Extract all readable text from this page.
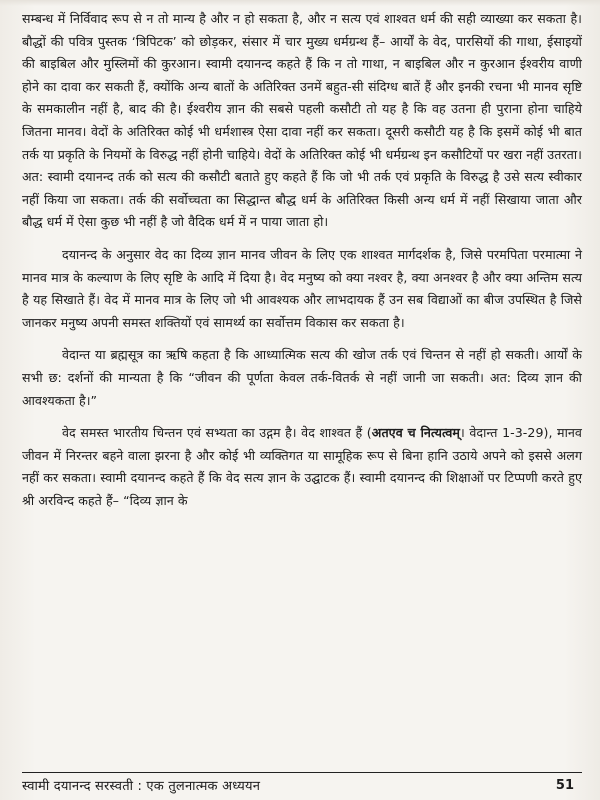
सम्बन्ध में निर्विवाद रूप से न तो मान्य है और न हो सकता है, और न सत्य एवं शाश्वत धर्म की सही व्याख्या कर सकता है। बौद्धों की पवित्र पुस्तक ‘त्रिपिटक’ को छोड़कर, संसार में चार मुख्य धर्मग्रन्थ हैं– आर्यों के वेद, पारसियों की गाथा, ईसाइयों की बाइबिल और मुस्लिमों की कुरआन। स्वामी दयानन्द कहते हैं कि न तो गाथा, न बाइबिल और न कुरआन ईश्वरीय वाणी होने का दावा कर सकती हैं, क्योंकि अन्य बातों के अतिरिक्त उनमें बहुत-सी संदिग्ध बातें हैं और इनकी रचना भी मानव सृष्टि के समकालीन नहीं है, बाद की है। ईश्वरीय ज्ञान की सबसे पहली कसौटी तो यह है कि वह उतना ही पुराना होना चाहिये जितना मानव। वेदों के अतिरिक्त कोई भी धर्मशास्त्र ऐसा दावा नहीं कर सकता। दूसरी कसौटी यह है कि इसमें कोई भी बात तर्क या प्रकृति के नियमों के विरुद्ध नहीं होनी चाहिये। वेदों के अतिरिक्त कोई भी धर्मग्रन्थ इन कसौटियों पर खरा नहीं उतरता। अत: स्वामी दयानन्द तर्क को सत्य की कसौटी बताते हुए कहते हैं कि जो भी तर्क एवं प्रकृति के विरुद्ध है उसे सत्य स्वीकार नहीं किया जा सकता। तर्क की सर्वोच्चता का सिद्धान्त बौद्ध धर्म के अतिरिक्त किसी अन्य धर्म में नहीं सिखाया जाता और बौद्ध धर्म में ऐसा कुछ भी नहीं है जो वैदिक धर्म में न पाया जाता हो।

दयानन्द के अनुसार वेद का दिव्य ज्ञान मानव जीवन के लिए एक शाश्वत मार्गदर्शक है, जिसे परमपिता परमात्मा ने मानव मात्र के कल्याण के लिए सृष्टि के आदि में दिया है। वेद मनुष्य को क्या नश्वर है, क्या अनश्वर है और क्या अन्तिम सत्य है यह सिखाते हैं। वेद में मानव मात्र के लिए जो भी आवश्यक और लाभदायक हैं उन सब विद्याओं का बीज उपस्थित है जिसे जानकर मनुष्य अपनी समस्त शक्तियों एवं सामर्थ्य का सर्वोत्तम विकास कर सकता है।

वेदान्त या ब्रह्मसूत्र का ऋषि कहता है कि आध्यात्मिक सत्य की खोज तर्क एवं चिन्तन से नहीं हो सकती। आर्यों के सभी छ: दर्शनों की मान्यता है कि “जीवन की पूर्णता केवल तर्क-वितर्क से नहीं जानी जा सकती। अत: दिव्य ज्ञान की आवश्यकता है।”

वेद समस्त भारतीय चिन्तन एवं सभ्यता का उद्गम है। वेद शाश्वत हैं (अतएव च नित्यत्वम्। वेदान्त 1-3-29), मानव जीवन में निरन्तर बहने वाला झरना है और कोई भी व्यक्तिगत या सामूहिक रूप से बिना हानि उठाये अपने को इससे अलग नहीं कर सकता। स्वामी दयानन्द कहते हैं कि वेद सत्य ज्ञान के उद्घाटक हैं। स्वामी दयानन्द की शिक्षाओं पर टिप्पणी करते हुए श्री अरविन्द कहते हैं– “दिव्य ज्ञान के

स्वामी दयानन्द सरस्वती : एक तुलनात्मक अध्ययन	51
